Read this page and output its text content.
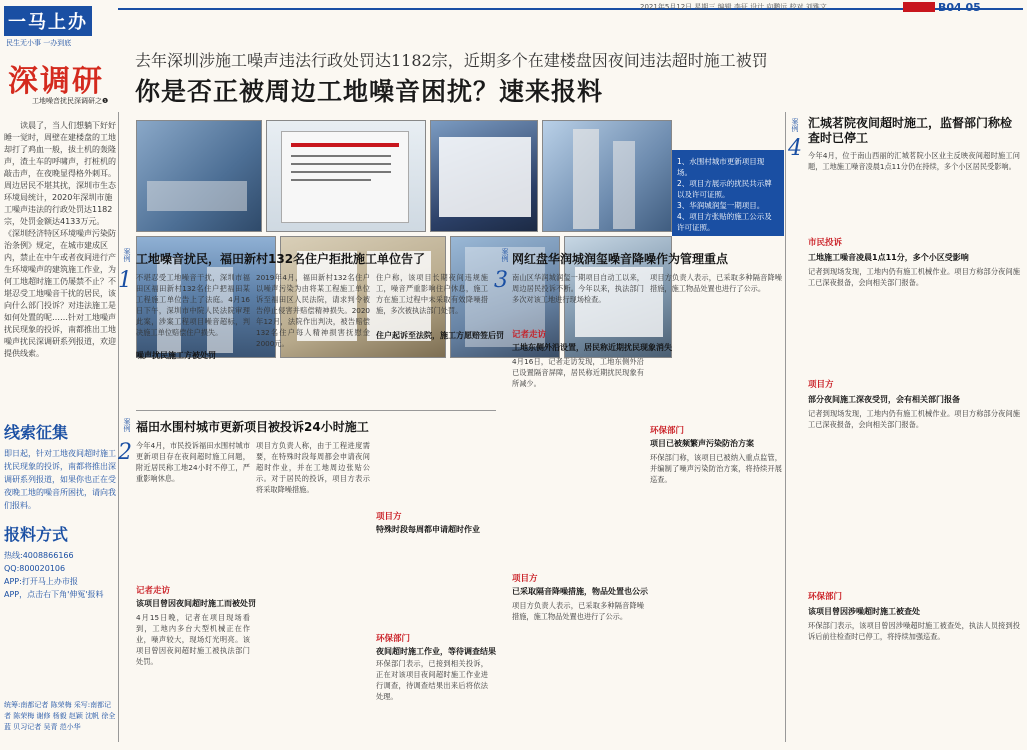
一马上办
民生无小事 一办到底
2021年5月12日 星期三 编辑 李征 设计 向鹏远 校对 刘雅文	B04 05
深调研
工地噪音扰民深调研之❶
去年深圳涉施工噪声违法行政处罚达1182宗，近期多个在建楼盘因夜间违法超时施工被罚
你是否正被周边工地噪音困扰？速来报料

读晨了，当人们想躺下好好睡一觉时，周壁在建楼盘的工地却打了鸡血一般，拔土机的轰隆声，渣土车的呼啸声，打桩机的敲击声，在夜晚显得格外刺耳。周边居民不堪其扰，深圳市生态环境局统计，2020年深圳市施工噪声违法的行政处罚达1182宗，处罚金额达4133万元。《深圳经济特区环境噪声污染防治条例》规定，在城市建成区内，禁止在中午或者夜间进行产生环境噪声的建筑施工作业，为何工地超时施工仍屡禁不止？不堪忍受工地噪音干扰的居民，该向什么部门投诉？对违法施工是如何处置的呢……针对工地噪声扰民现象的投诉，南都推出工地噪声扰民深调研系列报道，欢迎提供线索。

线索征集
即日起，针对工地夜间超时施工扰民现象的投诉，南都将推出深调研系列报道，如果你也正在受夜晚工地的噪音所困扰，请向我们报料。
报料方式
热线:4008866166
QQ:800020106
APP:打开马上办市报
APP，点击右下角'伸冤'报料
统筹:南都记者 陈荣梅 采写:南都记者 陈荣梅 谢修 杨毅 赵颖 沈帆 徐全蓝 贝习记者 吴青 范小华
1、水围村城市更新项目现场。
2、项目方展示的扰民共示牌以及许可证照。
3、华润城润玺一期项目。
4、项目方张贴的施工公示及许可证照。
案例
1
工地噪音扰民，福田新村132名住户拒批施工单位告了
不堪忍受工地噪音干扰，深圳市福田区福田新村132名住户把福田某工程施工单位告上了法庭。4月16日下午，深圳市中院人民法院审理此案，涉案工程项目噪音超标，判决施工单位赔偿住户损失。
噪声扰民施工方被处罚
2019年4月，福田新村132名住户以噪声污染为由将某工程施工单位诉至福田区人民法院，请求判令被告停止侵害并赔偿精神损失。2020年12月，法院作出判决，被告赔偿132名住户每人精神损害抚慰金2000元。
住户起诉至法院，施工方愿赔签后罚
住户称，该项目长期夜间违规施工，噪音严重影响住户休息，施工方在施工过程中未采取有效降噪措施，多次被执法部门处罚。
案例
2
福田水围村城市更新项目被投诉24小时施工
今年4月，市民投诉福田水围村城市更新项目存在夜间超时施工问题，附近居民称工地24小时不停工，严重影响休息。
记者走访
该项目曾因夜间超时施工而被处罚
4月15日晚，记者在项目现场看到，工地内多台大型机械正在作业，噪声较大，现场灯光明亮。该项目曾因夜间超时施工被执法部门处罚。
项目方负责人称，由于工程进度需要，在特殊时段每周都会申请夜间超时作业，并在工地周边张贴公示。对于居民的投诉，项目方表示将采取降噪措施。
项目方
特殊时段每周都申请超时作业
环保部门
夜间超时施工作业，等待调查结果
环保部门表示，已接到相关投诉，正在对该项目夜间超时施工作业进行调查，待调查结果出来后将依法处理。
案例
3
网红盘华润城润玺噪音降噪作为管理重点
南山区华润城润玺一期项目自动工以来，周边居民投诉不断。今年以来，执法部门多次对该工地进行现场检查。
记者走访
工地东侧外沿设置，居民称近期扰民现象消失
4月16日，记者走访发现，工地东侧外沿已设置隔音屏障，居民称近期扰民现象有所减少。
项目方
已采取隔音降噪措施，物品处置也公示
项目方负责人表示，已采取多种隔音降噪措施，施工物品处置也进行了公示。
项目方负责人表示，已采取多种隔音降噪措施，施工物品处置也进行了公示。
环保部门
项目已被频繁声污染防治方案
环保部门称，该项目已被纳入重点监管，并编制了噪声污染防治方案，将持续开展巡查。
案例
4
汇城茗院夜间超时施工，监督部门称检查时已停工
今年4月，位于南山西丽的汇城茗院小区业主反映夜间超时施工问题，工地施工噪音凌晨1点11分仍在持续，多个小区居民受影响。
市民投诉
工地施工噪音凌晨1点11分，多个小区受影响
记者到现场发现，工地内仍有施工机械作业。项目方称部分夜间施工已深夜报备，会向相关部门报备。
项目方
部分夜间施工深夜受罚，会有相关部门报备
记者到现场发现，工地内仍有施工机械作业。项目方称部分夜间施工已深夜报备，会向相关部门报备。
环保部门
该项目曾因涉噪超时施工被查处
环保部门表示，该项目曾因涉噪超时施工被查处，执法人员接到投诉后前往检查时已停工，将持续加强巡查。
